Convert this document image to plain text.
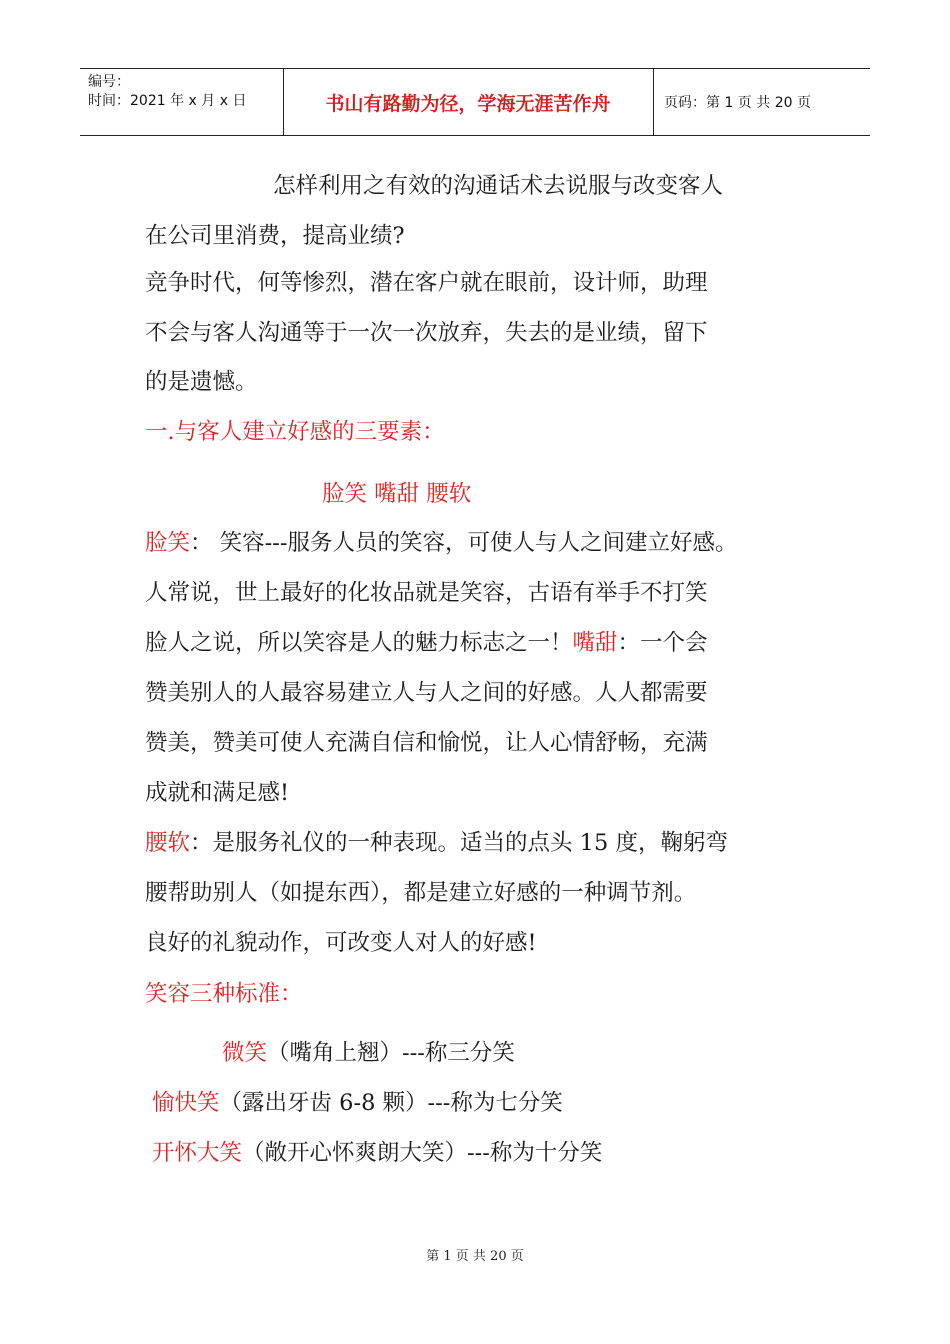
编号：
时间：2021 年 x 月 x 日	书山有路勤为径，学海无涯苦作舟	页码：第 1 页 共 20 页
怎样利用之有效的沟通话术去说服与改变客人
在公司里消费，提高业绩?
竞争时代，何等惨烈，潜在客户就在眼前，设计师，助理
不会与客人沟通等于一次一次放弃，失去的是业绩，留下
的是遗憾。
一.与客人建立好感的三要素：
脸笑 嘴甜 腰软
脸笑： 笑容---服务人员的笑容，可使人与人之间建立好感。
人常说，世上最好的化妆品就是笑容，古语有举手不打笑
脸人之说，所以笑容是人的魅力标志之一！嘴甜：一个会
赞美别人的人最容易建立人与人之间的好感。人人都需要
赞美，赞美可使人充满自信和愉悦，让人心情舒畅，充满
成就和满足感!
腰软：是服务礼仪的一种表现。适当的点头 15 度，鞠躬弯
腰帮助别人（如提东西），都是建立好感的一种调节剂。
良好的礼貌动作，可改变人对人的好感!
笑容三种标准：
微笑（嘴角上翘）---称三分笑
愉快笑（露出牙齿 6-8 颗）---称为七分笑
开怀大笑（敞开心怀爽朗大笑）---称为十分笑
第 1 页 共 20 页
